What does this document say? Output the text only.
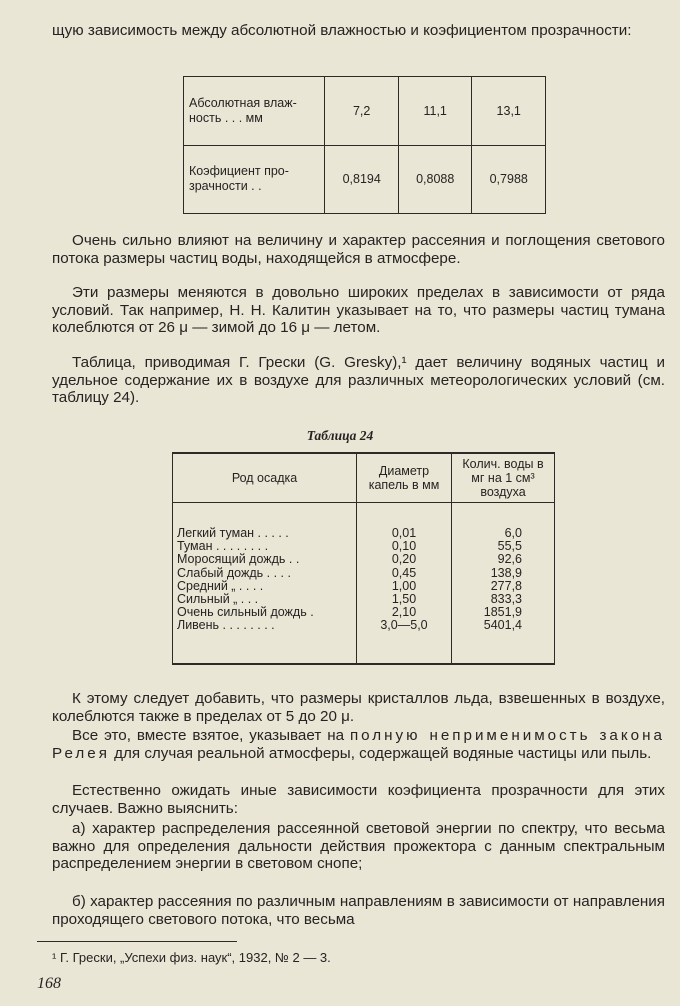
щую зависимость между абсолютной влажностью и коэфициентом прозрачности:

Абсолютная влажность . . . мм	7,2	11,1	13,1
Коэфициент прозрачности . .	0,8194	0,8088	0,7988

Очень сильно влияют на величину и характер рассеяния и поглощения светового потока размеры частиц воды, находящейся в атмосфере.

Эти размеры меняются в довольно широких пределах в зависимости от ряда условий. Так например, Н. Н. Калитин указывает на то, что размеры частиц тумана колеблются от 26 μ — зимой до 16 μ — летом.

Таблица, приводимая Г. Грески (G. Gresky),¹ дает величину водяных частиц и удельное содержание их в воздухе для различных метеорологических условий (см. таблицу 24).

Таблица 24
Род осадка	Диаметр капель в мм	Колич. воды в мг на 1 см³ воздуха

Легкий туман . . . . .	0,01	6,0
Туман . . . . . . . .	0,10	55,5
Моросящий дождь . .	0,20	92,6
Слабый дождь . . . .	0,45	138,9
Средний „ . . . .	1,00	277,8
Сильный „ . . .	1,50	833,3
Очень сильный дождь .	2,10	1851,9
Ливень . . . . . . . .	3,0—5,0	5401,4

К этому следует добавить, что размеры кристаллов льда, взвешенных в воздухе, колеблются также в пределах от 5 до 20 μ.

Все это, вместе взятое, указывает на полную неприменимость закона Релея для случая реальной атмосферы, содержащей водяные частицы или пыль.

Естественно ожидать иные зависимости коэфициента прозрачности для этих случаев. Важно выяснить:

а) характер распределения рассеянной световой энергии по спектру, что весьма важно для определения дальности действия прожектора с данным спектральным распределением энергии в световом снопе;

б) характер рассеяния по различным направлениям в зависимости от направления проходящего светового потока, что весьма

¹ Г. Грески, „Успехи физ. наук“, 1932, № 2 — 3.

168
